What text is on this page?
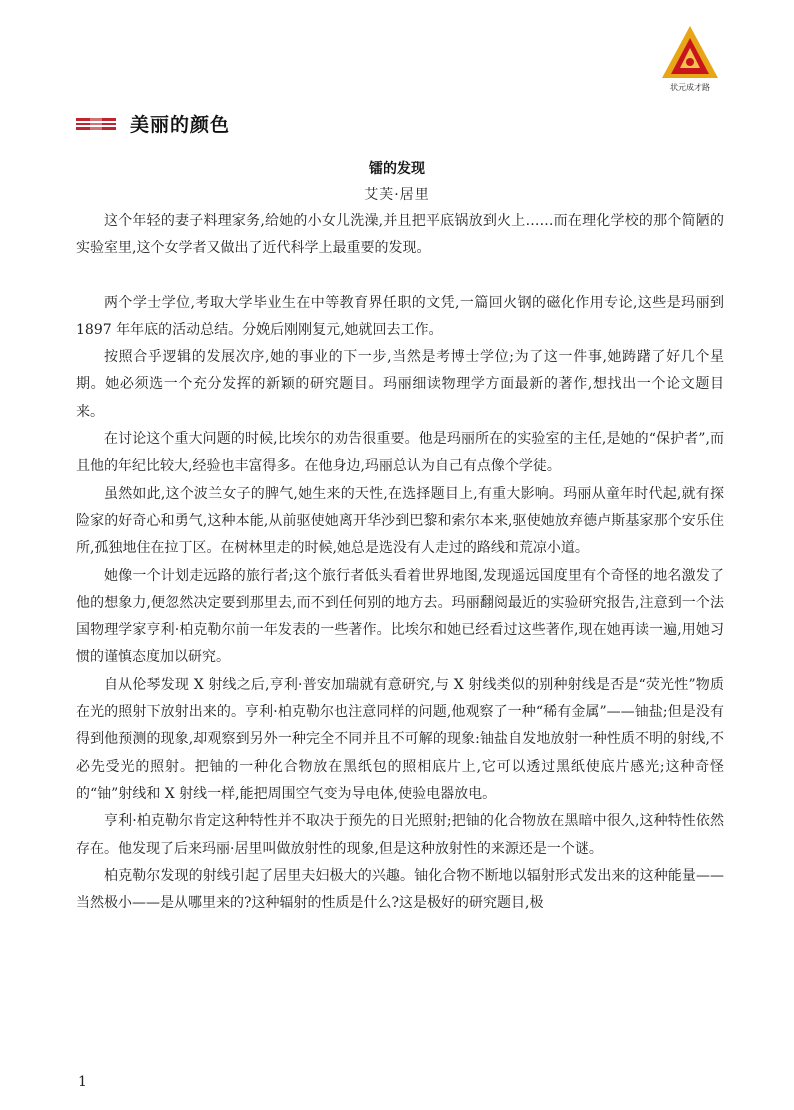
状元成才路
美丽的颜色
镭的发现
艾芙·居里

这个年轻的妻子料理家务,给她的小女儿洗澡,并且把平底锅放到火上……而在理化学校的那个简陋的实验室里,这个女学者又做出了近代科学上最重要的发现。

两个学士学位,考取大学毕业生在中等教育界任职的文凭,一篇回火钢的磁化作用专论,这些是玛丽到 1897 年年底的活动总结。分娩后刚刚复元,她就回去工作。

按照合乎逻辑的发展次序,她的事业的下一步,当然是考博士学位;为了这一件事,她踌躇了好几个星期。她必须选一个充分发挥的新颖的研究题目。玛丽细读物理学方面最新的著作,想找出一个论文题目来。

在讨论这个重大问题的时候,比埃尔的劝告很重要。他是玛丽所在的实验室的主任,是她的“保护者”,而且他的年纪比较大,经验也丰富得多。在他身边,玛丽总认为自己有点像个学徒。

虽然如此,这个波兰女子的脾气,她生来的天性,在选择题目上,有重大影响。玛丽从童年时代起,就有探险家的好奇心和勇气,这种本能,从前驱使她离开华沙到巴黎和索尔本来,驱使她放弃德卢斯基家那个安乐住所,孤独地住在拉丁区。在树林里走的时候,她总是选没有人走过的路线和荒凉小道。

她像一个计划走远路的旅行者;这个旅行者低头看着世界地图,发现遥远国度里有个奇怪的地名激发了他的想象力,便忽然决定要到那里去,而不到任何别的地方去。玛丽翻阅最近的实验研究报告,注意到一个法国物理学家亨利·柏克勒尔前一年发表的一些著作。比埃尔和她已经看过这些著作,现在她再读一遍,用她习惯的谨慎态度加以研究。

自从伦琴发现 X 射线之后,亨利·普安加瑞就有意研究,与 X 射线类似的别种射线是否是“荧光性”物质在光的照射下放射出来的。亨利·柏克勒尔也注意同样的问题,他观察了一种“稀有金属”——铀盐;但是没有得到他预测的现象,却观察到另外一种完全不同并且不可解的现象:铀盐自发地放射一种性质不明的射线,不必先受光的照射。把铀的一种化合物放在黑纸包的照相底片上,它可以透过黑纸使底片感光;这种奇怪的“铀”射线和 X 射线一样,能把周围空气变为导电体,使验电器放电。

亨利·柏克勒尔肯定这种特性并不取决于预先的日光照射;把铀的化合物放在黑暗中很久,这种特性依然存在。他发现了后来玛丽·居里叫做放射性的现象,但是这种放射性的来源还是一个谜。

柏克勒尔发现的射线引起了居里夫妇极大的兴趣。铀化合物不断地以辐射形式发出来的这种能量——当然极小——是从哪里来的?这种辐射的性质是什么?这是极好的研究题目,极

1
